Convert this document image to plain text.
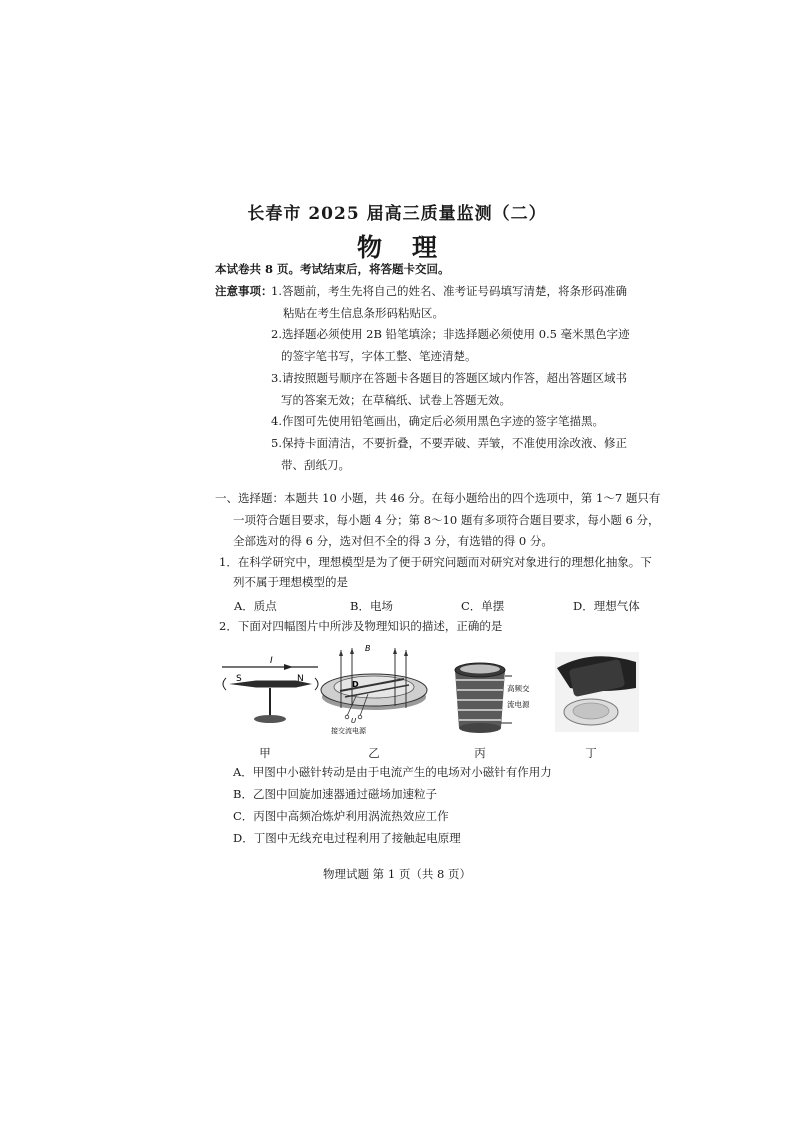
长春市 2025 届高三质量监测（二）
物理
本试卷共 8 页。考试结束后，将答题卡交回。
注意事项：
1.答题前，考生先将自己的姓名、准考证号码填写清楚，将条形码准确
粘贴在考生信息条形码粘贴区。
2.选择题必须使用 2B 铅笔填涂；非选择题必须使用 0.5 毫米黑色字迹
的签字笔书写，字体工整、笔迹清楚。
3.请按照题号顺序在答题卡各题目的答题区域内作答，超出答题区域书
写的答案无效；在草稿纸、试卷上答题无效。
4.作图可先使用铅笔画出，确定后必须用黑色字迹的签字笔描黑。
5.保持卡面清洁，不要折叠，不要弄破、弄皱，不准使用涂改液、修正
带、刮纸刀。
一、选择题：本题共 10 小题，共 46 分。在每小题给出的四个选项中，第 1～7 题只有
一项符合题目要求，每小题 4 分；第 8～10 题有多项符合题目要求，每小题 6 分，
全部选对的得 6 分，选对但不全的得 3 分，有选错的得 0 分。
1．在科学研究中，理想模型是为了便于研究问题而对研究对象进行的理想化抽象。下
列不属于理想模型的是
A．质点	B．电场	C．单摆	D．理想气体
2．下面对四幅图片中所涉及物理知识的描述，正确的是
I
S	N
B
D
U
接交流电源
高频交
流电源
甲	乙	丙	丁
A．甲图中小磁针转动是由于电流产生的电场对小磁针有作用力
B．乙图中回旋加速器通过磁场加速粒子
C．丙图中高频冶炼炉利用涡流热效应工作
D．丁图中无线充电过程利用了接触起电原理
物理试题 第 1 页（共 8 页）
